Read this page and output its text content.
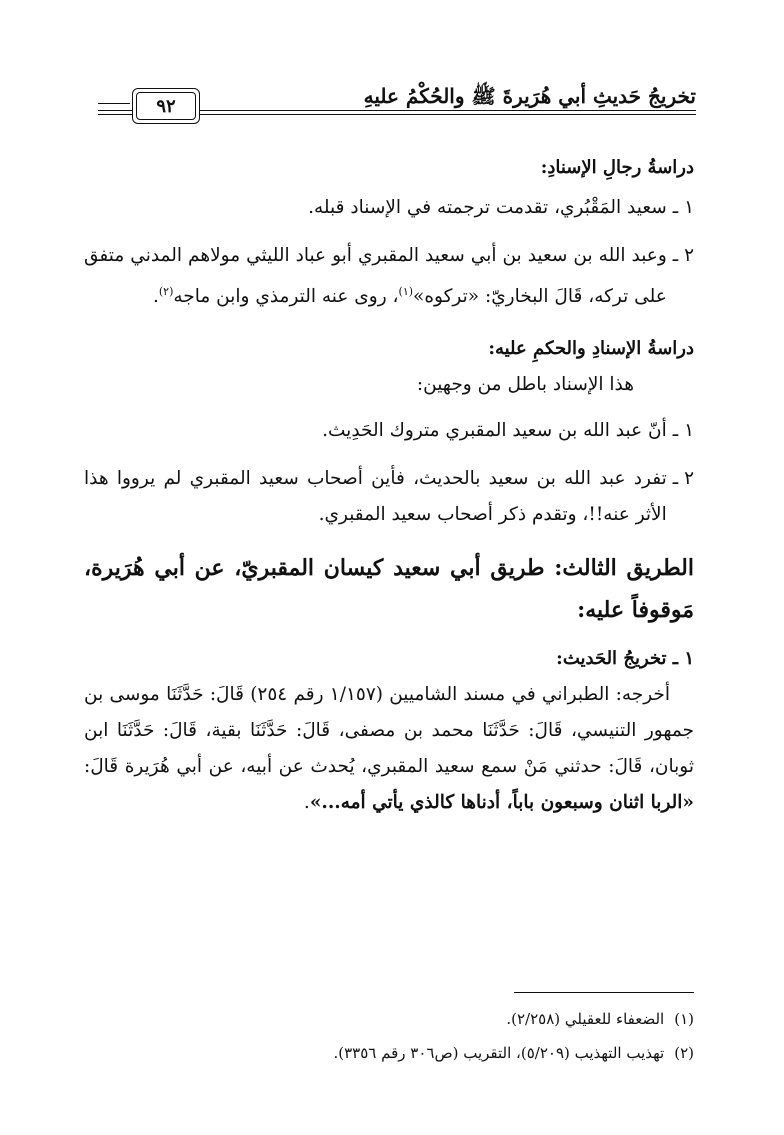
تخريجُ حَديثِ أبي هُرَيرةَ ﷺ والحُكْمُ عليهِ
٩٢

دراسةُ رجالِ الإسنادِ:

١ ـ
سعيد المَقْبُري، تقدمت ترجمته في الإسناد قبله.
٢ ـ
وعبد الله بن سعيد بن أبي سعيد المقبري أبو عباد الليثي مولاهم المدني متفق على تركه، قَالَ البخاريّ: «تركوه»$^{(١)}$، روى عنه الترمذي وابن ماجه$^{(٢)}$.

دراسةُ الإسنادِ والحكمِ عليه:

هذا الإسناد باطل من وجهين:

١ ـ
أنّ عبد الله بن سعيد المقبري متروك الحَدِيث.
٢ ـ
تفرد عبد الله بن سعيد بالحديث، فأين أصحاب سعيد المقبري لم يرووا هذا الأثر عنه!!، وتقدم ذكر أصحاب سعيد المقبري.

الطريق الثالث: طريق أبي سعيد كيسان المقبريّ، عن أبي هُرَيرة، مَوقوفاً عليه:

١ ـ تخريجُ الحَديث:

أخرجه: الطبراني في مسند الشاميين (١/١٥٧ رقم ٢٥٤) قَالَ: حَدَّثَنَا موسى بن جمهور التنيسي، قَالَ: حَدَّثَنَا محمد بن مصفى، قَالَ: حَدَّثَنَا بقية، قَالَ: حَدَّثَنَا ابن ثوبان، قَالَ: حدثني مَنْ سمع سعيد المقبري، يُحدث عن أبيه، عن أبي هُرَيرة قَالَ: «الربا اثنان وسبعون باباً، أدناها كالذي يأتي أمه...».

(١)الضعفاء للعقيلي (٢/٢٥٨).

(٢)تهذيب التهذيب (٥/٢٠٩)، التقريب (ص٣٠٦ رقم ٣٣٥٦).
